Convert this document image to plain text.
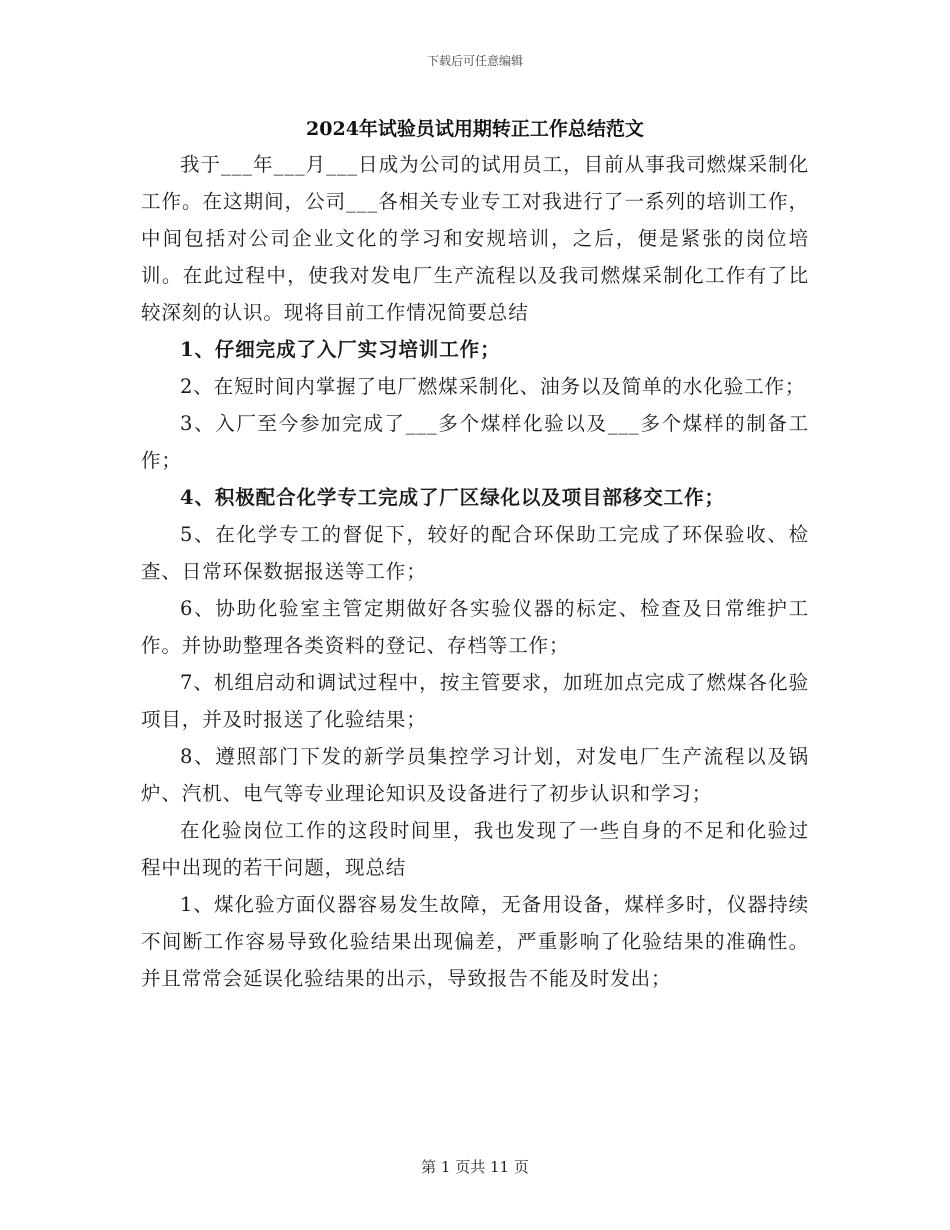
下载后可任意编辑
2024年试验员试用期转正工作总结范文

我于___年___月___日成为公司的试用员工，目前从事我司燃煤采制化工作。在这期间，公司___各相关专业专工对我进行了一系列的培训工作，中间包括对公司企业文化的学习和安规培训，之后，便是紧张的岗位培训。在此过程中，使我对发电厂生产流程以及我司燃煤采制化工作有了比较深刻的认识。现将目前工作情况简要总结

1、仔细完成了入厂实习培训工作；

2、在短时间内掌握了电厂燃煤采制化、油务以及简单的水化验工作；

3、入厂至今参加完成了___多个煤样化验以及___多个煤样的制备工作；

4、积极配合化学专工完成了厂区绿化以及项目部移交工作；

5、在化学专工的督促下，较好的配合环保助工完成了环保验收、检查、日常环保数据报送等工作；

6、协助化验室主管定期做好各实验仪器的标定、检查及日常维护工作。并协助整理各类资料的登记、存档等工作；

7、机组启动和调试过程中，按主管要求，加班加点完成了燃煤各化验项目，并及时报送了化验结果；

8、遵照部门下发的新学员集控学习计划，对发电厂生产流程以及锅炉、汽机、电气等专业理论知识及设备进行了初步认识和学习；

在化验岗位工作的这段时间里，我也发现了一些自身的不足和化验过程中出现的若干问题，现总结

1、煤化验方面仪器容易发生故障，无备用设备，煤样多时，仪器持续不间断工作容易导致化验结果出现偏差，严重影响了化验结果的准确性。并且常常会延误化验结果的出示，导致报告不能及时发出；

第 1 页共 11 页
